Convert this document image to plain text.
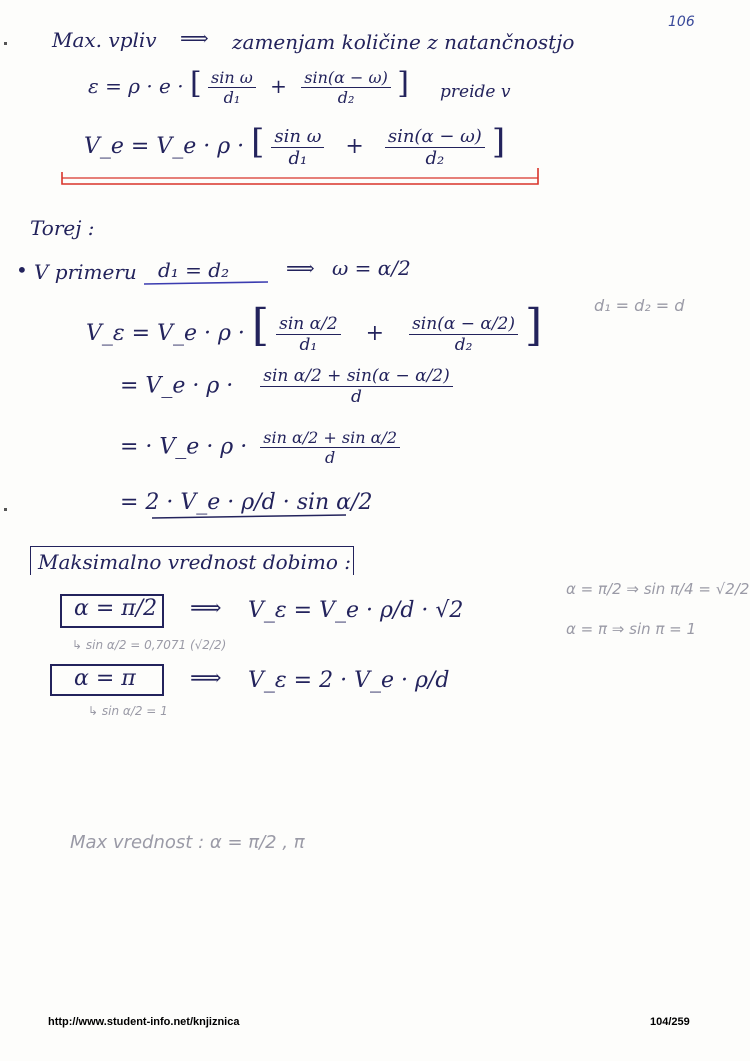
106
Max. vpliv ⟹ zamenjam količine z natančnostjo
ε = ρ · e · [ $\frac{\text{sin ω}}{\text{d₁}} + \frac{\sin(\alpha - \omega)}{\text{d₂}}$ ] preide v
V_e = V_e · ρ · [ $\frac{\text{sin ω}}{\text{d₁}} + \frac{\sin(\alpha - \omega)}{\text{d₂}}$ ]
Torej :
• V primeru d₁ = d₂	⟹ ω = α/2
d₁ = d₂ = d
V_ε = V_e · ρ · [ $\frac{\text{sin α/2}}{\text{d₁}} + \frac{\sin(\alpha - \alpha/2)}{\text{d₂}}$ ]
= V_e · $\rho \cdot \frac{\text{sin α/2 + sin(α − α/2)}}{d}$
= · V_e · $\rho \cdot \frac{\text{sin α/2 + sin α/2}}{d}$
= 2 · V_e · ρ/d · sin α/2
Maksimalno vrednost dobimo :
α = π/2 ⇒ sin π/4 = √2/2
α = π ⇒ sin π = 1
α = π/2 ⟹ V_ε = V_e · ρ/d · √2
↳ sin α/2 = 0,7071 (√2/2)
α = π ⟹ V_ε = 2 · V_e · ρ/d
↳ sin α/2 = 1
Max vrednost : α = π/2 , π
http://www.student-info.net/knjiznica	104/259
